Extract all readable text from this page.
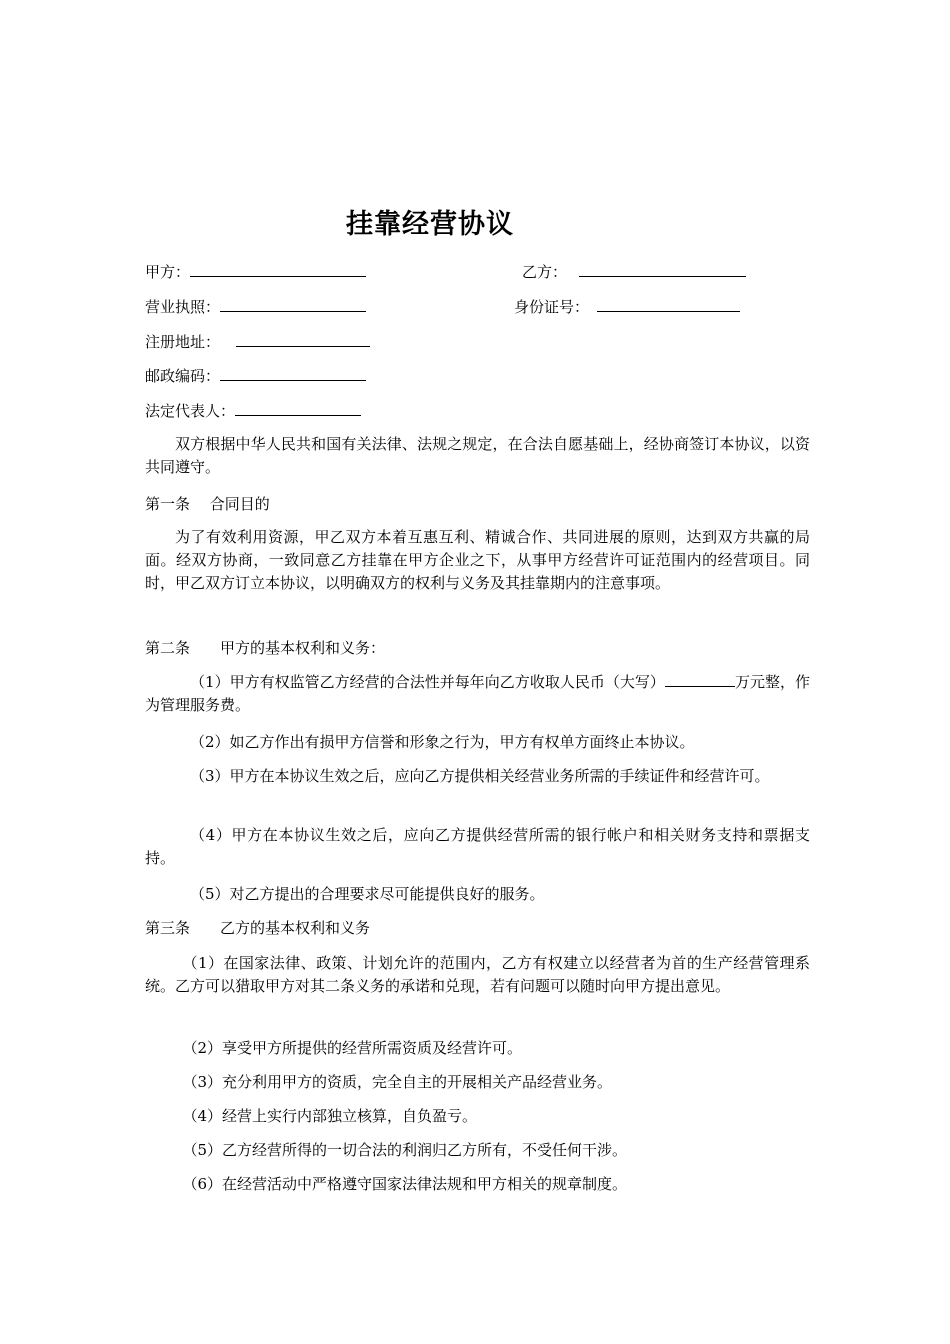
挂靠经营协议
甲方：	乙方：
营业执照：	身份证号：
注册地址：
邮政编码：
法定代表人：
双方根据中华人民共和国有关法律、法规之规定，在合法自愿基础上，经协商签订本协议，以资共同遵守。
第一条　 合同目的
为了有效利用资源，甲乙双方本着互惠互利、精诚合作、共同进展的原则，达到双方共赢的局面。经双方协商，一致同意乙方挂靠在甲方企业之下，从事甲方经营许可证范围内的经营项目。同时，甲乙双方订立本协议，以明确双方的权利与义务及其挂靠期内的注意事项。
第二条　　甲方的基本权利和义务：
（1）甲方有权监管乙方经营的合法性并每年向乙方收取人民币（大写）	万元整，作为管理服务费。
（2）如乙方作出有损甲方信誉和形象之行为，甲方有权单方面终止本协议。
（3）甲方在本协议生效之后，应向乙方提供相关经营业务所需的手续证件和经营许可。
（4）甲方在本协议生效之后，应向乙方提供经营所需的银行帐户和相关财务支持和票据支持。
（5）对乙方提出的合理要求尽可能提供良好的服务。
第三条　　乙方的基本权利和义务
（1）在国家法律、政策、计划允许的范围内，乙方有权建立以经营者为首的生产经营管理系统。乙方可以猎取甲方对其二条义务的承诺和兑现，若有问题可以随时向甲方提出意见。
（2）享受甲方所提供的经营所需资质及经营许可。
（3）充分利用甲方的资质，完全自主的开展相关产品经营业务。
（4）经营上实行内部独立核算，自负盈亏。
（5）乙方经营所得的一切合法的利润归乙方所有，不受任何干涉。
（6）在经营活动中严格遵守国家法律法规和甲方相关的规章制度。
